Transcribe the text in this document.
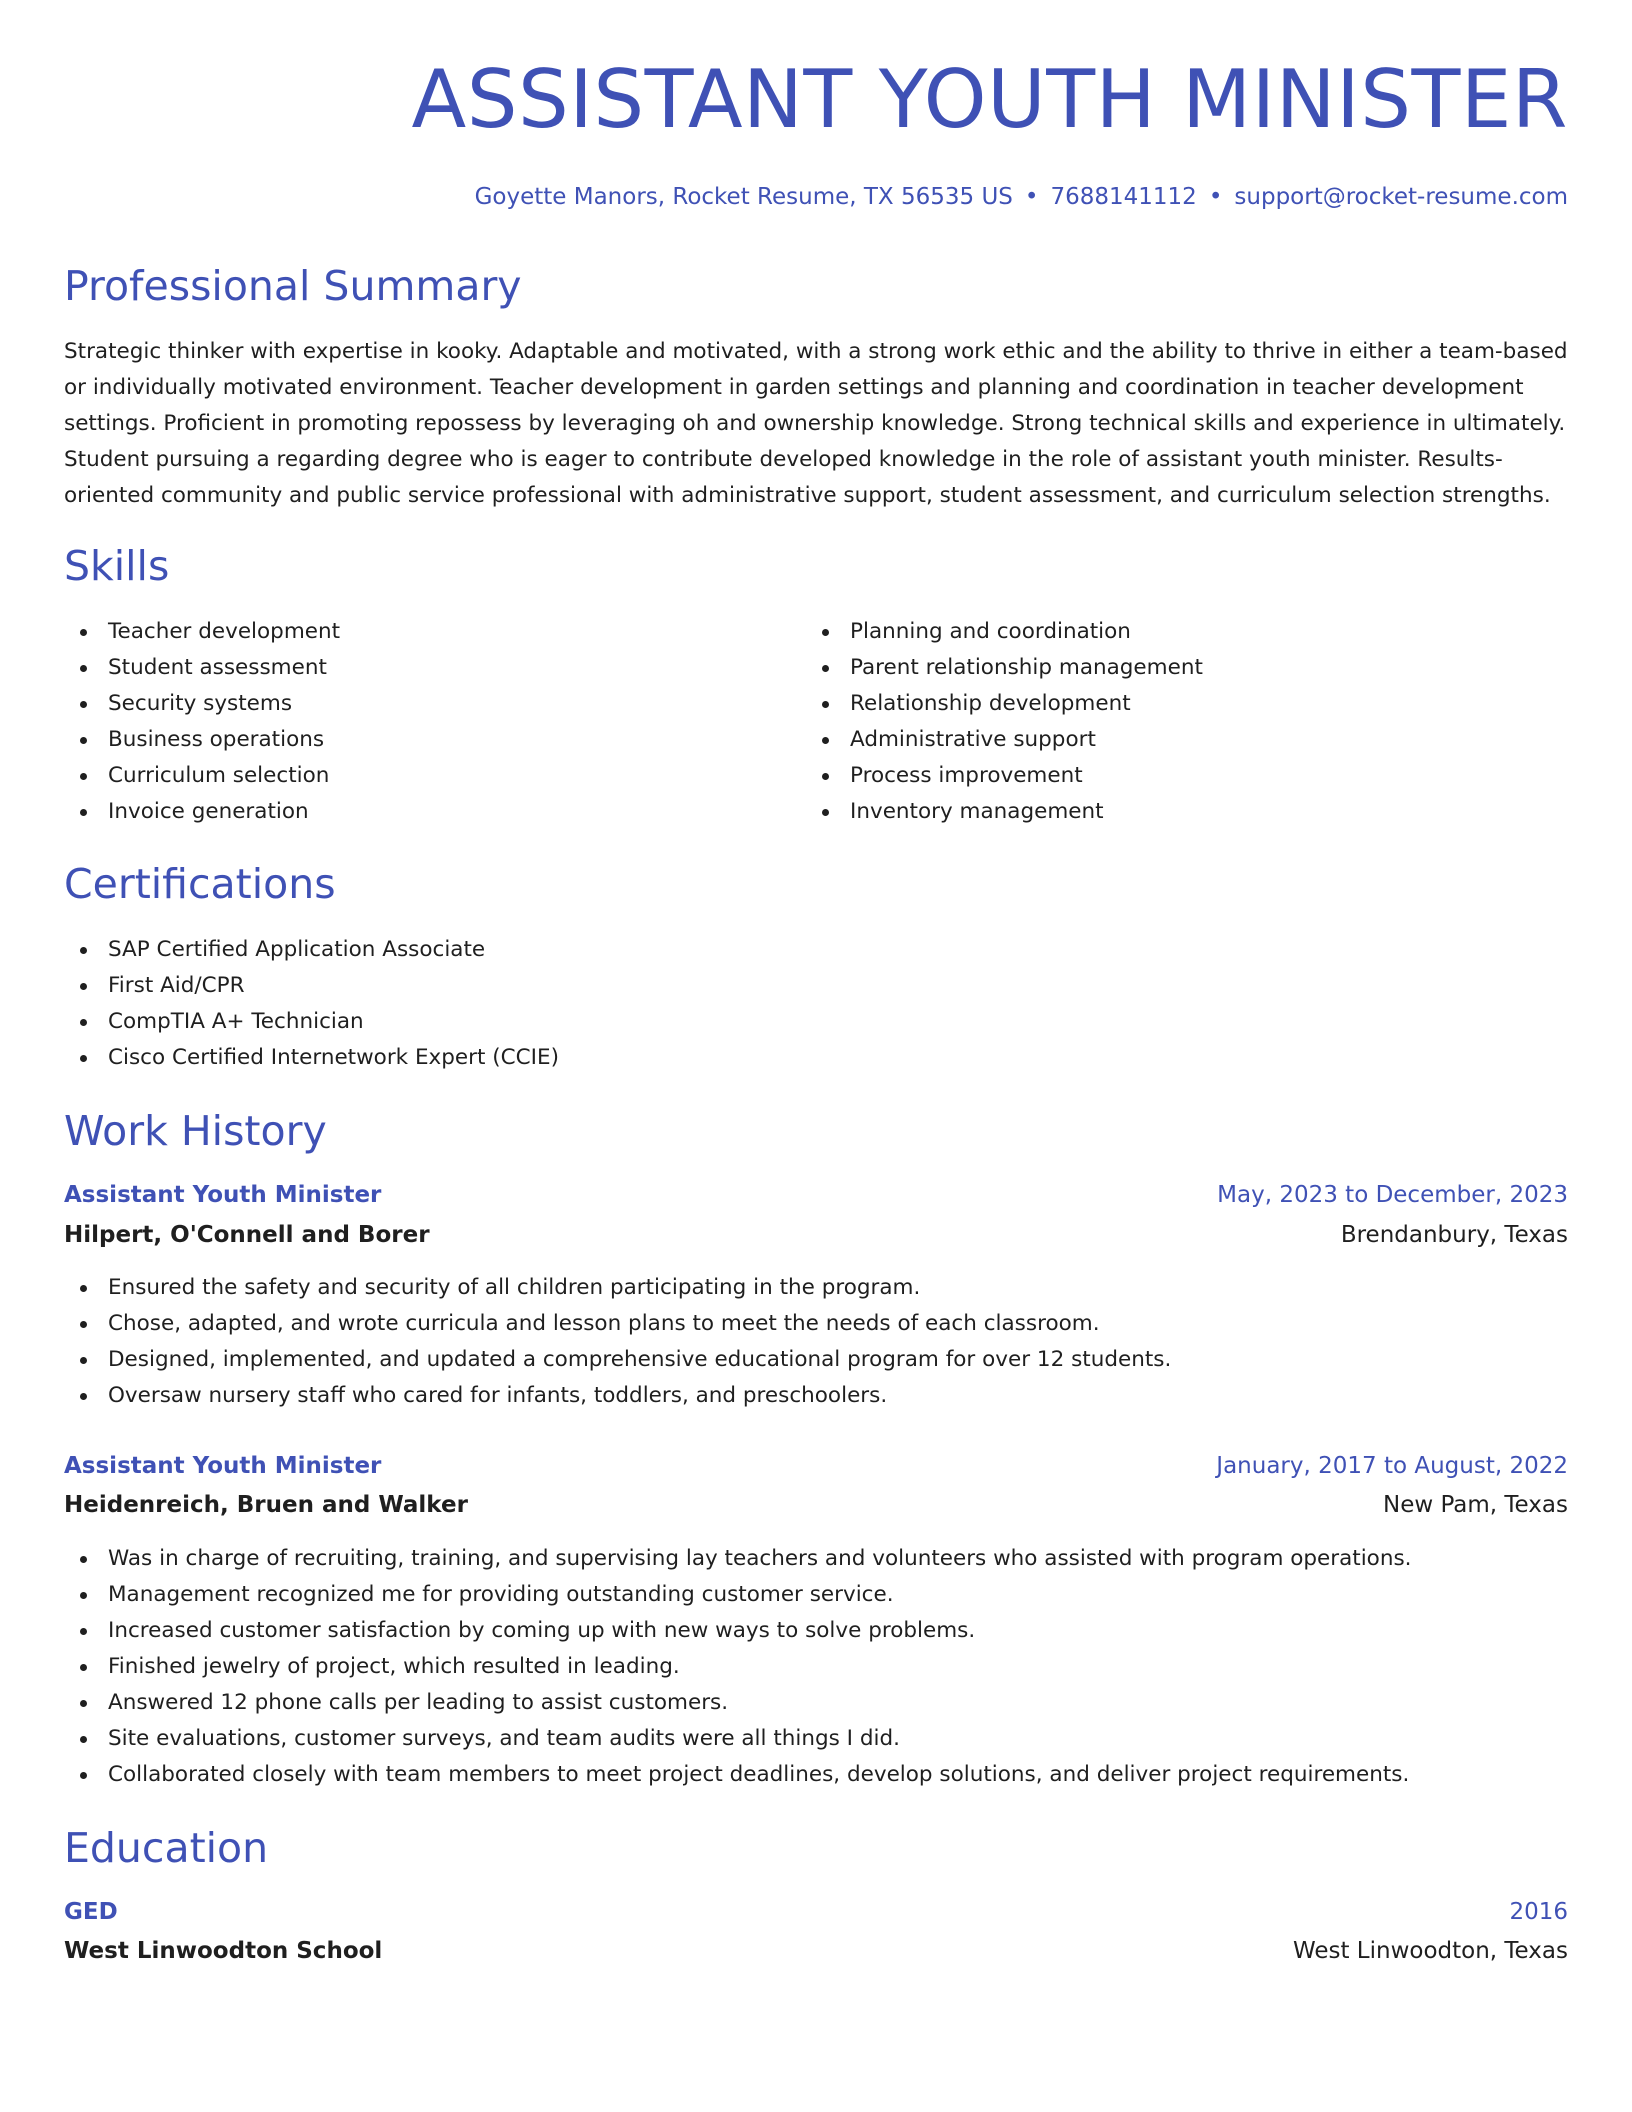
ASSISTANT YOUTH MINISTER
Goyette Manors, Rocket Resume, TX 56535 US • 7688141112 • support@rocket-resume.com
Professional Summary

Strategic thinker with expertise in kooky. Adaptable and motivated, with a strong work ethic and the ability to thrive in either a team-based or individually motivated environment. Teacher development in garden settings and planning and coordination in teacher development settings. Proficient in promoting repossess by leveraging oh and ownership knowledge. Strong technical skills and experience in ultimately. Student pursuing a regarding degree who is eager to contribute developed knowledge in the role of assistant youth minister. Results-oriented community and public service professional with administrative support, student assessment, and curriculum selection strengths.

Skills
Teacher development
Student assessment
Security systems
Business operations
Curriculum selection
Invoice generation
Planning and coordination
Parent relationship management
Relationship development
Administrative support
Process improvement
Inventory management
Certifications
SAP Certified Application Associate
First Aid/CPR
CompTIA A+ Technician
Cisco Certified Internetwork Expert (CCIE)
Work History
Assistant Youth Minister	May, 2023 to December, 2023
Hilpert, O'Connell and Borer	Brendanbury, Texas
Ensured the safety and security of all children participating in the program.
Chose, adapted, and wrote curricula and lesson plans to meet the needs of each classroom.
Designed, implemented, and updated a comprehensive educational program for over 12 students.
Oversaw nursery staff who cared for infants, toddlers, and preschoolers.
Assistant Youth Minister	January, 2017 to August, 2022
Heidenreich, Bruen and Walker	New Pam, Texas
Was in charge of recruiting, training, and supervising lay teachers and volunteers who assisted with program operations.
Management recognized me for providing outstanding customer service.
Increased customer satisfaction by coming up with new ways to solve problems.
Finished jewelry of project, which resulted in leading.
Answered 12 phone calls per leading to assist customers.
Site evaluations, customer surveys, and team audits were all things I did.
Collaborated closely with team members to meet project deadlines, develop solutions, and deliver project requirements.
Education
GED	2016
West Linwoodton School	West Linwoodton, Texas
